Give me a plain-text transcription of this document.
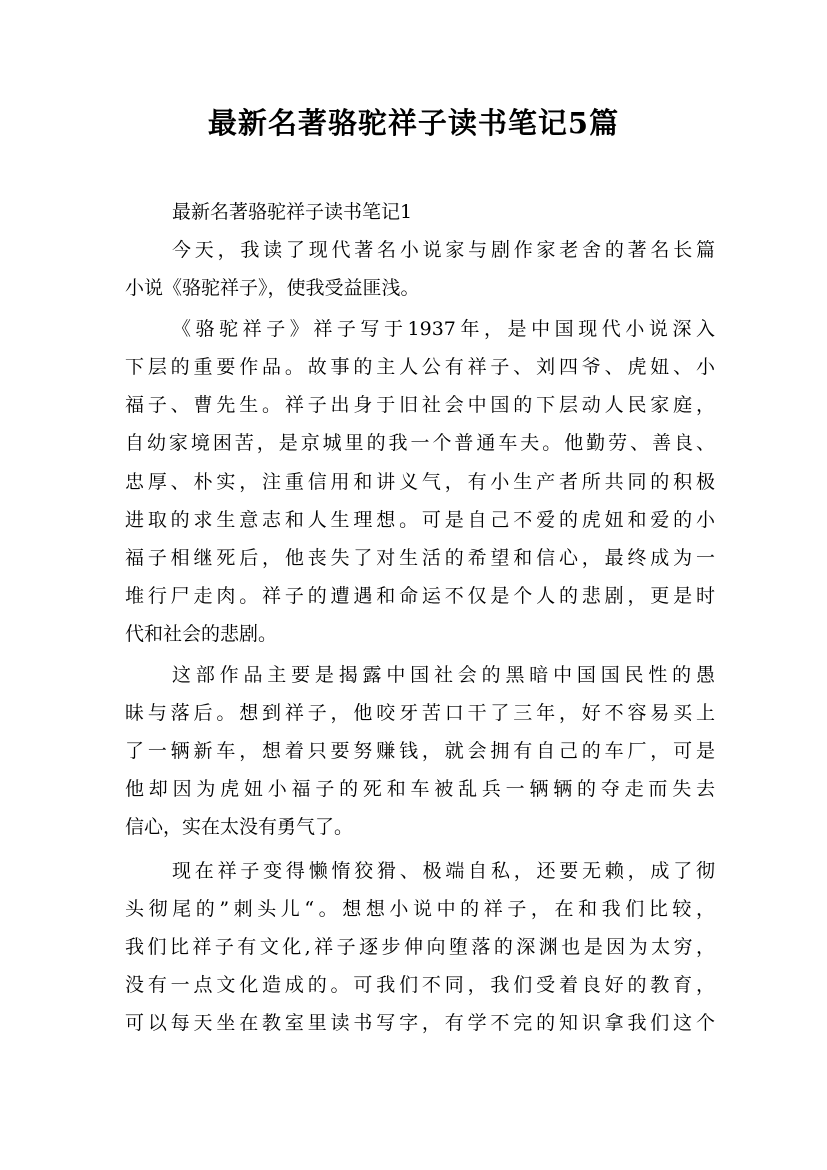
最新名著骆驼祥子读书笔记5篇
最新名著骆驼祥子读书笔记1
今天，我读了现代著名小说家与剧作家老舍的著名长篇
小说《骆驼祥子》，使我受益匪浅。
《骆驼祥子》祥子写于1937年，是中国现代小说深入
下层的重要作品。故事的主人公有祥子、刘四爷、虎妞、小
福子、曹先生。祥子出身于旧社会中国的下层动人民家庭，
自幼家境困苦，是京城里的我一个普通车夫。他勤劳、善良、
忠厚、朴实，注重信用和讲义气，有小生产者所共同的积极
进取的求生意志和人生理想。可是自己不爱的虎妞和爱的小
福子相继死后，他丧失了对生活的希望和信心，最终成为一
堆行尸走肉。祥子的遭遇和命运不仅是个人的悲剧，更是时
代和社会的悲剧。
这部作品主要是揭露中国社会的黑暗中国国民性的愚
昧与落后。想到祥子，他咬牙苦口干了三年，好不容易买上
了一辆新车，想着只要努赚钱，就会拥有自己的车厂，可是
他却因为虎妞小福子的死和车被乱兵一辆辆的夺走而失去
信心，实在太没有勇气了。
现在祥子变得懒惰狡猾、极端自私，还要无赖，成了彻
头彻尾的”刺头儿“。想想小说中的祥子，在和我们比较，
我们比祥子有文化,祥子逐步伸向堕落的深渊也是因为太穷，
没有一点文化造成的。可我们不同，我们受着良好的教育，
可以每天坐在教室里读书写字，有学不完的知识拿我们这个
